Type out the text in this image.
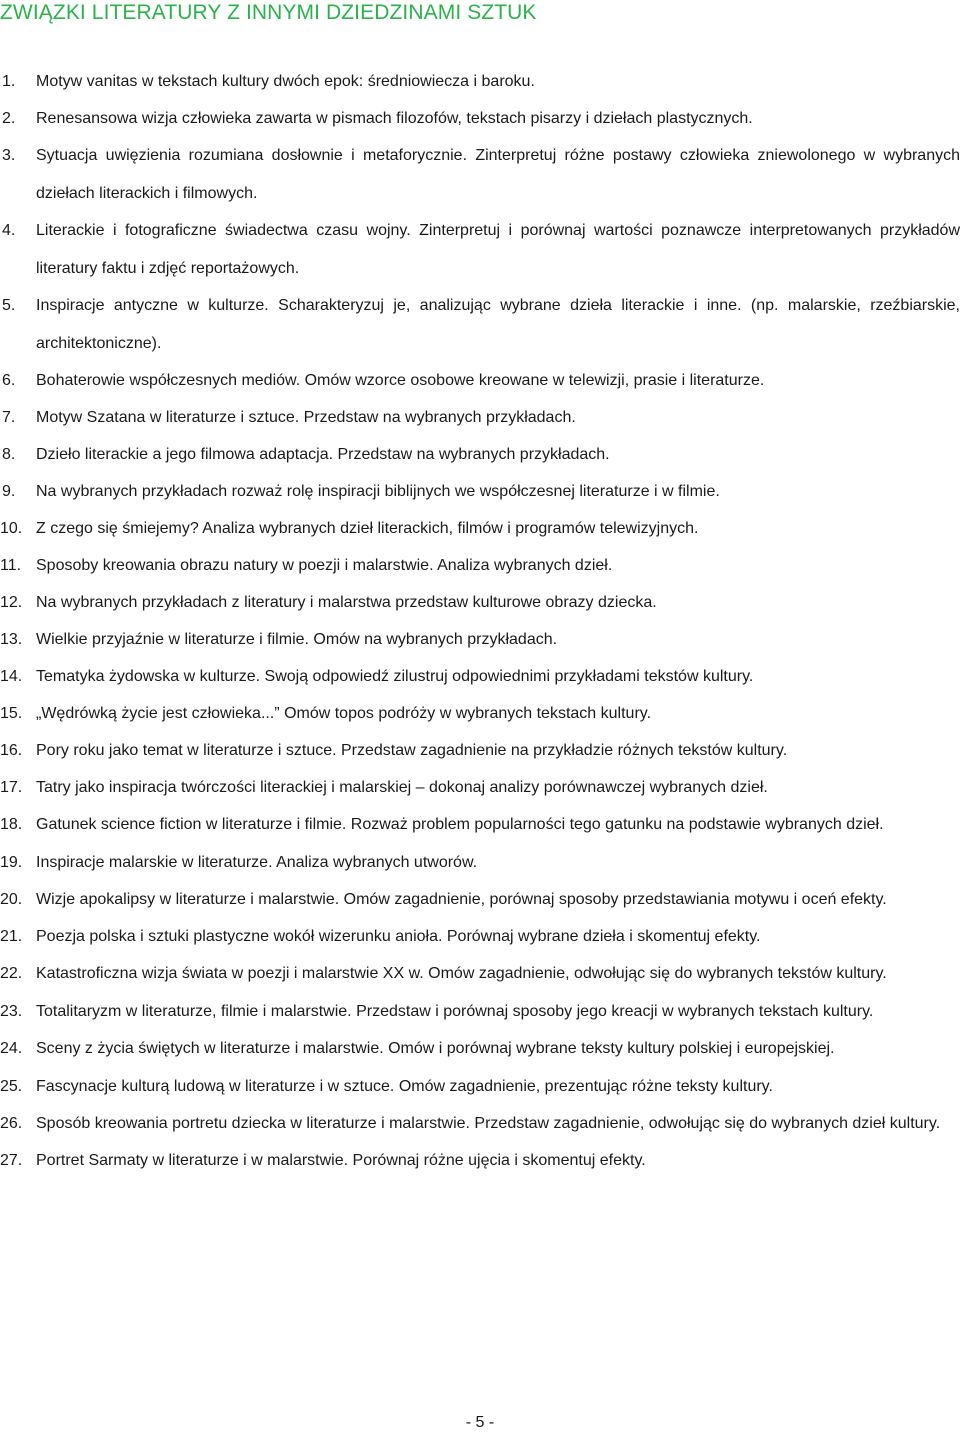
ZWIĄZKI LITERATURY Z INNYMI DZIEDZINAMI SZTUK
1.	Motyw vanitas w tekstach kultury dwóch epok: średniowiecza i baroku.
2.	Renesansowa wizja człowieka zawarta w pismach filozofów, tekstach pisarzy i dziełach plastycznych.
3.	Sytuacja uwięzienia rozumiana dosłownie i metaforycznie. Zinterpretuj różne postawy człowieka zniewolonego w wybranych dziełach literackich i filmowych.
4.	Literackie i fotograficzne świadectwa czasu wojny. Zinterpretuj i porównaj wartości poznawcze interpretowanych przykładów literatury faktu i zdjęć reportażowych.
5.	Inspiracje antyczne w kulturze. Scharakteryzuj je, analizując wybrane dzieła literackie i inne. (np. malarskie, rzeźbiarskie, architektoniczne).
6.	Bohaterowie współczesnych mediów. Omów wzorce osobowe kreowane w telewizji, prasie i literaturze.
7.	Motyw Szatana w literaturze i sztuce. Przedstaw na wybranych przykładach.
8.	Dzieło literackie a jego filmowa adaptacja. Przedstaw na wybranych przykładach.
9.	Na wybranych przykładach rozważ rolę inspiracji biblijnych we współczesnej literaturze i w filmie.
10. Z czego się śmiejemy? Analiza wybranych dzieł literackich, filmów i programów telewizyjnych.
11. Sposoby kreowania obrazu natury w poezji i malarstwie. Analiza wybranych dzieł.
12. Na wybranych przykładach z literatury i malarstwa przedstaw kulturowe obrazy dziecka.
13. Wielkie przyjaźnie w literaturze i filmie. Omów na wybranych przykładach.
14. Tematyka żydowska w kulturze. Swoją odpowiedź zilustruj odpowiednimi przykładami tekstów kultury.
15. „Wędrówką życie jest człowieka...” Omów topos podróży w wybranych tekstach kultury.
16. Pory roku jako temat w literaturze i sztuce. Przedstaw zagadnienie na przykładzie różnych tekstów kultury.
17. Tatry jako inspiracja twórczości literackiej i malarskiej – dokonaj analizy porównawczej wybranych dzieł.
18. Gatunek science fiction w literaturze i filmie. Rozważ problem popularności tego gatunku na podstawie wybranych dzieł.
19. Inspiracje malarskie w literaturze. Analiza wybranych utworów.
20. Wizje apokalipsy w literaturze i malarstwie. Omów zagadnienie, porównaj sposoby przedstawiania motywu i oceń efekty.
21. Poezja polska i sztuki plastyczne wokół wizerunku anioła. Porównaj wybrane dzieła i skomentuj efekty.
22. Katastroficzna wizja świata w poezji i malarstwie XX w. Omów zagadnienie, odwołując się do wybranych tekstów kultury.
23. Totalitaryzm w literaturze, filmie i malarstwie. Przedstaw i porównaj sposoby jego kreacji w wybranych tekstach kultury.
24. Sceny z życia świętych w literaturze i malarstwie. Omów i porównaj wybrane teksty kultury polskiej i europejskiej.
25. Fascynacje kulturą ludową w literaturze i w sztuce. Omów zagadnienie, prezentując różne teksty kultury.
26. Sposób kreowania portretu dziecka w literaturze i malarstwie. Przedstaw zagadnienie, odwołując się do wybranych dzieł kultury.
27. Portret Sarmaty w literaturze i w malarstwie. Porównaj różne ujęcia i skomentuj efekty.
- 5 -
